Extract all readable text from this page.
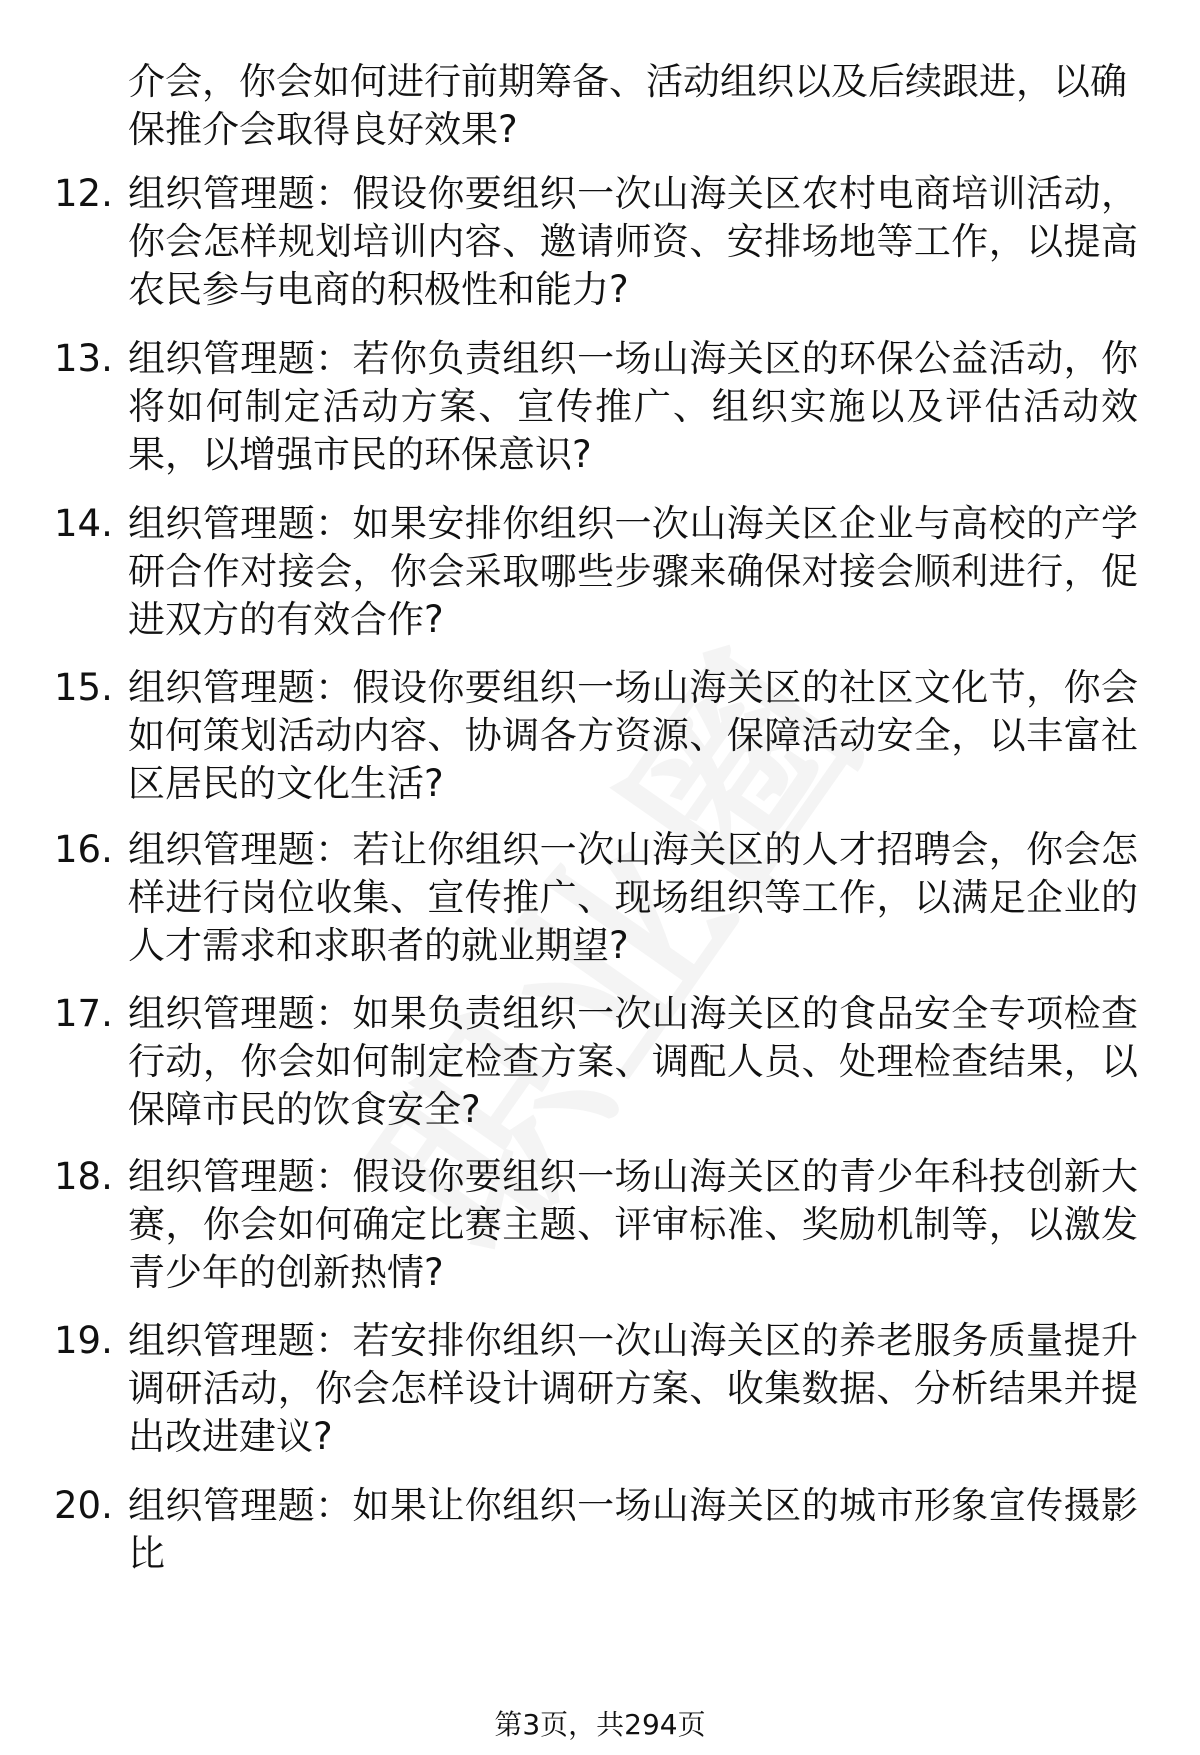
介会，你会如何进行前期筹备、活动组织以及后续跟进，以确保推介会取得良好效果?

12. 组织管理题：假设你要组织一次山海关区农村电商培训活动，你会怎样规划培训内容、邀请师资、安排场地等工作，以提高农民参与电商的积极性和能力?
13. 组织管理题：若你负责组织一场山海关区的环保公益活动，你将如何制定活动方案、宣传推广、组织实施以及评估活动效果，以增强市民的环保意识?
14. 组织管理题：如果安排你组织一次山海关区企业与高校的产学研合作对接会，你会采取哪些步骤来确保对接会顺利进行，促进双方的有效合作?
15. 组织管理题：假设你要组织一场山海关区的社区文化节，你会如何策划活动内容、协调各方资源、保障活动安全，以丰富社区居民的文化生活?
16. 组织管理题：若让你组织一次山海关区的人才招聘会，你会怎样进行岗位收集、宣传推广、现场组织等工作，以满足企业的人才需求和求职者的就业期望?
17. 组织管理题：如果负责组织一次山海关区的食品安全专项检查行动，你会如何制定检查方案、调配人员、处理检查结果，以保障市民的饮食安全?
18. 组织管理题：假设你要组织一场山海关区的青少年科技创新大赛，你会如何确定比赛主题、评审标准、奖励机制等，以激发青少年的创新热情?
19. 组织管理题：若安排你组织一次山海关区的养老服务质量提升调研活动，你会怎样设计调研方案、收集数据、分析结果并提出改进建议?
20. 组织管理题：如果让你组织一场山海关区的城市形象宣传摄影比
第3页，共294页
